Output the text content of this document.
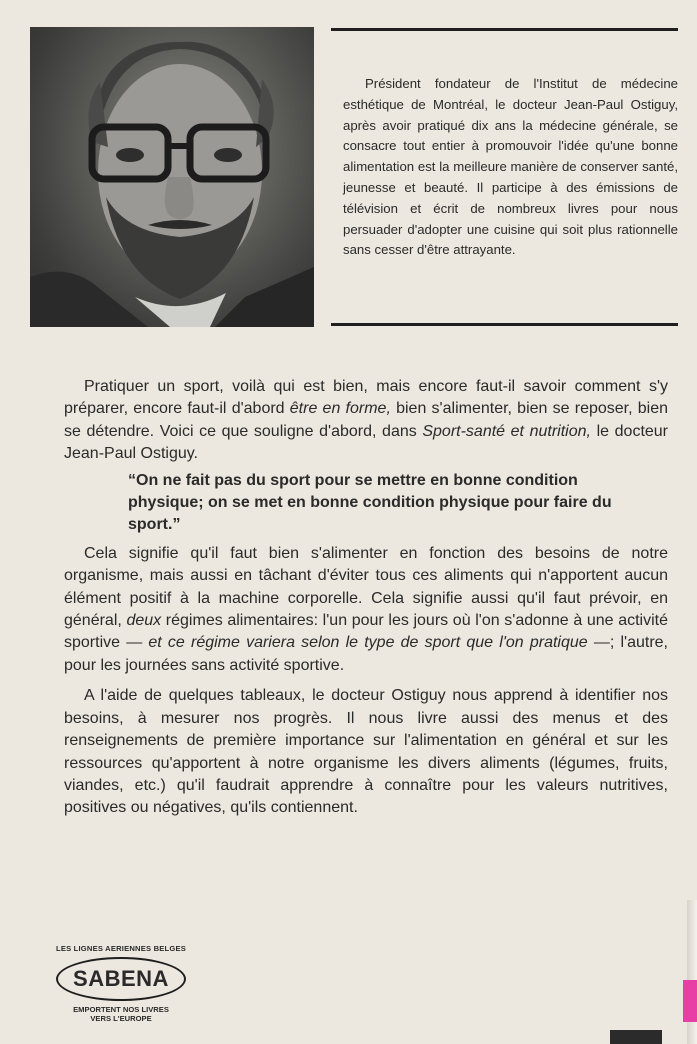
Président fondateur de l'Institut de médecine esthétique de Montréal, le docteur Jean-Paul Ostiguy, après avoir pratiqué dix ans la médecine générale, se consacre tout entier à promouvoir l'idée qu'une bonne alimentation est la meilleure manière de conserver santé, jeunesse et beauté. Il participe à des émissions de télévision et écrit de nombreux livres pour nous persuader d'adopter une cuisine qui soit plus rationnelle sans cesser d'être attrayante.

Pratiquer un sport, voilà qui est bien, mais encore faut-il savoir comment s'y préparer, encore faut-il d'abord être en forme, bien s'alimenter, bien se reposer, bien se détendre. Voici ce que souligne d'abord, dans Sport-santé et nutrition, le docteur Jean-Paul Ostiguy.

“On ne fait pas du sport pour se mettre en bonne condition physique; on se met en bonne condition physique pour faire du sport.”

Cela signifie qu'il faut bien s'alimenter en fonction des besoins de notre organisme, mais aussi en tâchant d'éviter tous ces aliments qui n'apportent aucun élément positif à la machine corporelle. Cela signifie aussi qu'il faut prévoir, en général, deux régimes alimentaires: l'un pour les jours où l'on s'adonne à une activité sportive — et ce régime variera selon le type de sport que l'on pratique —; l'autre, pour les journées sans activité sportive.

A l'aide de quelques tableaux, le docteur Ostiguy nous apprend à identifier nos besoins, à mesurer nos progrès. Il nous livre aussi des menus et des renseignements de première importance sur l'alimentation en général et sur les ressources qu'apportent à notre organisme les divers aliments (légumes, fruits, viandes, etc.) qu'il faudrait apprendre à connaître pour les valeurs nutritives, positives ou négatives, qu'ils contiennent.

LES LIGNES AERIENNES BELGES
SABENA
EMPORTENT NOS LIVRES
VERS L'EUROPE
